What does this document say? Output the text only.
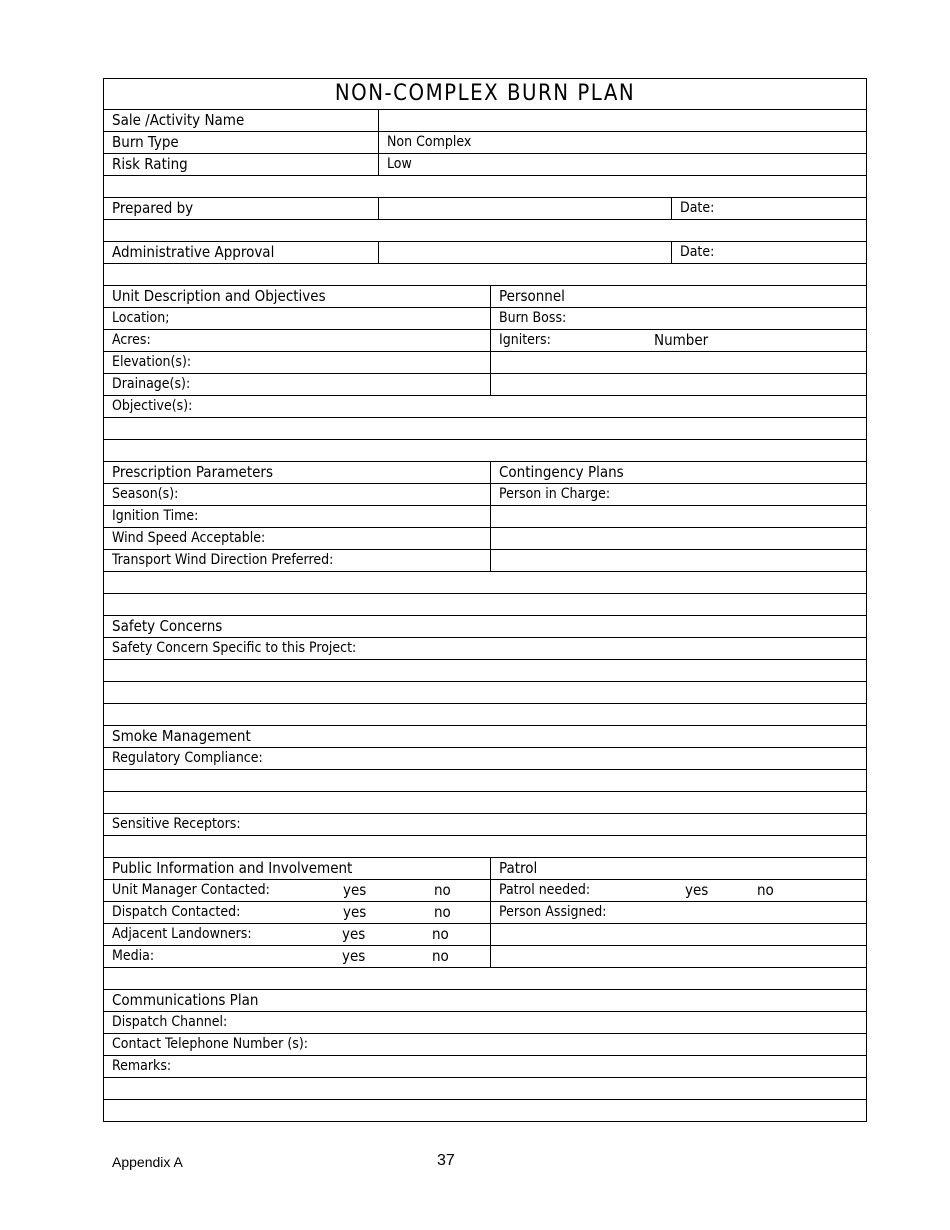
NON-COMPLEX BURN PLAN
Sale /Activity Name
Burn Type	Non Complex
Risk Rating	Low
Prepared by	Date:
Administrative Approval	Date:
Unit Description and Objectives	Personnel
Location;	Burn Boss:
Acres:	Igniters:	Number
Elevation(s):
Drainage(s):
Objective(s):
Prescription Parameters	Contingency Plans
Season(s):	Person in Charge:
Ignition Time:
Wind Speed Acceptable:
Transport Wind Direction Preferred:
Safety Concerns
Safety Concern Specific to this Project:
Smoke Management
Regulatory Compliance:
Sensitive Receptors:
Public Information and Involvement	Patrol
Unit Manager Contacted:	yes	no	Patrol needed:	yes	no
Dispatch Contacted:	yes	no	Person Assigned:
Adjacent Landowners:	yes	no
Media:	yes	no
Communications Plan
Dispatch Channel:
Contact Telephone Number (s):
Remarks:
Appendix A	37
